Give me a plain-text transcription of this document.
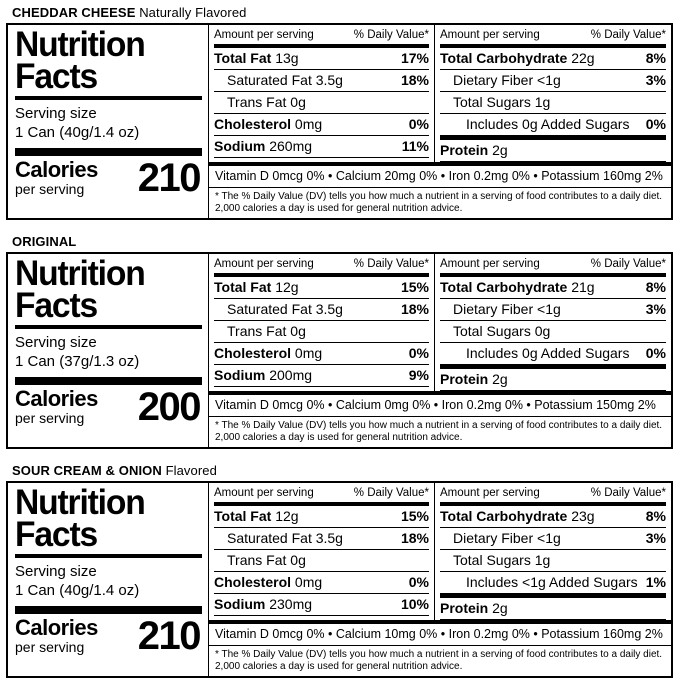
CHEDDAR CHEESE Naturally Flavored
Nutrition
Facts
Serving size
1 Can (40g/1.4 oz)
Calories
per serving	210
Amount per serving	% Daily Value*
Total Fat 13g	17%
Saturated Fat 3.5g	18%
Trans Fat 0g
Cholesterol 0mg	0%
Sodium 260mg	11%
Amount per serving	% Daily Value*
Total Carbohydrate 22g	8%
Dietary Fiber <1g	3%
Total Sugars 1g
Includes 0g Added Sugars	0%
Protein 2g
Vitamin D 0mcg 0% • Calcium 20mg 0% • Iron 0.2mg 0% • Potassium 160mg 2%
* The % Daily Value (DV) tells you how much a nutrient in a serving of food contributes to a daily diet. 2,000 calories a day is used for general nutrition advice.
ORIGINAL
Nutrition
Facts
Serving size
1 Can (37g/1.3 oz)
Calories
per serving	200
Amount per serving	% Daily Value*
Total Fat 12g	15%
Saturated Fat 3.5g	18%
Trans Fat 0g
Cholesterol 0mg	0%
Sodium 200mg	9%
Amount per serving	% Daily Value*
Total Carbohydrate 21g	8%
Dietary Fiber <1g	3%
Total Sugars 0g
Includes 0g Added Sugars	0%
Protein 2g
Vitamin D 0mcg 0% • Calcium 0mg 0% • Iron 0.2mg 0% • Potassium 150mg 2%
* The % Daily Value (DV) tells you how much a nutrient in a serving of food contributes to a daily diet. 2,000 calories a day is used for general nutrition advice.
SOUR CREAM & ONION Flavored
Nutrition
Facts
Serving size
1 Can (40g/1.4 oz)
Calories
per serving	210
Amount per serving	% Daily Value*
Total Fat 12g	15%
Saturated Fat 3.5g	18%
Trans Fat 0g
Cholesterol 0mg	0%
Sodium 230mg	10%
Amount per serving	% Daily Value*
Total Carbohydrate 23g	8%
Dietary Fiber <1g	3%
Total Sugars 1g
Includes <1g Added Sugars 1%
Protein 2g
Vitamin D 0mcg 0% • Calcium 10mg 0% • Iron 0.2mg 0% • Potassium 160mg 2%
* The % Daily Value (DV) tells you how much a nutrient in a serving of food contributes to a daily diet. 2,000 calories a day is used for general nutrition advice.
